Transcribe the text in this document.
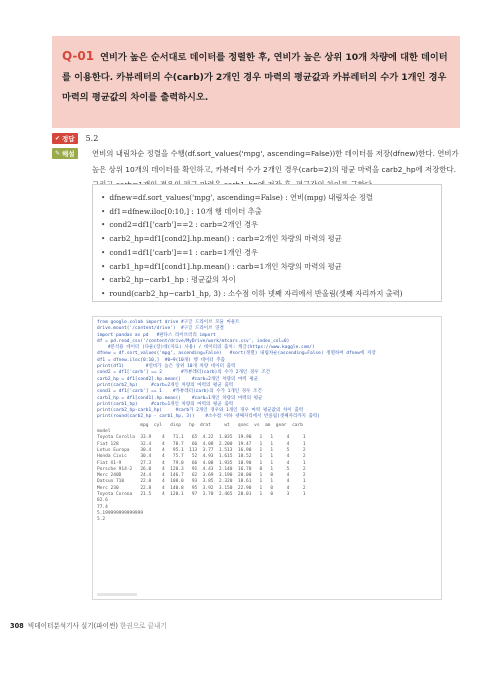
Q-01 연비가 높은 순서대로 데이터를 정렬한 후, 연비가 높은 상위 10개 차량에 대한 데이터를 이용한다. 카뷰레터의 수(carb)가 2개인 경우 마력의 평균값과 카뷰레터의 수가 1개인 경우 마력의 평균값의 차이를 출력하시오.

✔ 정답 5.2
✎ 해설 연비의 내림차순 정렬을 수행(df.sort_values('mpg', ascending=False))한 데이터를 저장(dfnew)한다. 연비가 높은 상위 10개의 데이터를 확인하고, 카뷰레터 수가 2개인 경우(carb=2)의 평균 마력을 carb2_hp에 저장한다.

• dfnew=df.sort_values('mpg', ascending=False) : 연비(mpg) 내림차순 정렬
• df1=dfnew.iloc[0:10,] : 10개 행 데이터 추출
• cond2=df1['carb']==2 : carb=2개인 경우
• carb2_hp=df1[cond2].hp.mean() : carb=2개인 차량의 마력의 평균
• cond1=df1['carb']==1 : carb=1개인 경우
• carb1_hp=df1[cond1].hp.mean() : carb=1개인 차량의 마력의 평균
• carb2_hp−carb1_hp : 평균값의 차이
• round(carb2_hp−carb1_hp, 3) : 소수점 이하 넷째 자리에서 반올림(셋째 자리까지 출력)
from google.colab import drive #구글 드라이브 모듈 마운트
drive.mount('/content/drive')  #구글 드라이브 연결
import pandas as pd   #판다스 라이브러리 import
df = pd.read_csv('/content/drive/MyDrive/work/mtcars.csv', index_col=0)
#분석용 데이터 (다운(장)대(자료) 사용) / 데이터의 출처: 캐글(https://www.kaggle.com/)
dfnew = df.sort_values('mpg', ascending=False)   #sort(정렬) 내림차순(ascending=False) 정렬하여 dfnew에 저장
df1 = dfnew.iloc[0:10,]  #0~9(10개) 행 데이터 추출
print(df1)        #연비가 높은 상위 10개 차량 데이터 출력
cond2 = df1['carb'] == 2       #카뷰레터(carb)의 수가 2개인 경우 조건
carb2_hp = df1[cond2].hp.mean()    #carb=2개인 차량의 마력 평균
print(carb2_hp)     #carb=2개인 차량의 마력의 평균 출력
cond1 = df1['carb'] == 1    #카뷰레터(carb)의 수가 1개인 경우 조건
carb1_hp = df1[cond1].hp.mean()    #carb=1개인 차량의 마력의 평균
print(carb1_hp)     #carb=1개인 차량의 마력의 평균 출력
print(carb2_hp-carb1_hp)     #carb가 2개인 경우와 1개인 경우 마력 평균값의 차이 출력
print(round(carb2_hp - carb1_hp, 3))    #소수점 이하 넷째자리에서 반올림(셋째자리까지 출력)
mpg  cyl   disp   hp  drat     wt   qsec  vs  am  gear  carb
model
Toyota Corolla  33.9    4   71.1   65  4.22  1.835  19.90   1   1     4     1
Fiat 128        32.4    4   78.7   66  4.08  2.200  19.47   1   1     4     1
Lotus Europa    30.4    4   95.1  113  3.77  1.513  16.90   1   1     5     2
Honda Civic     30.4    4   75.7   52  4.93  1.615  18.52   1   1     4     2
Fiat X1-9       27.3    4   79.0   66  4.08  1.935  18.90   1   1     4     1
Porsche 914-2   26.0    4  120.3   91  4.43  2.140  16.70   0   1     5     2
Merc 240D       24.4    4  146.7   62  3.69  3.190  20.00   1   0     4     2
Datsun 710      22.8    4  108.0   93  3.85  2.320  18.61   1   1     4     1
Merc 230        22.8    4  140.8   95  3.92  3.150  22.90   1   0     4     2
Toyota Corona   21.5    4  120.1   97  3.70  2.465  20.01   1   0     3     1
82.6
77.4
5.199999999999999
5.2
308 빅데이터분석기사 실기(파이썬) 한권으로 끝내기
